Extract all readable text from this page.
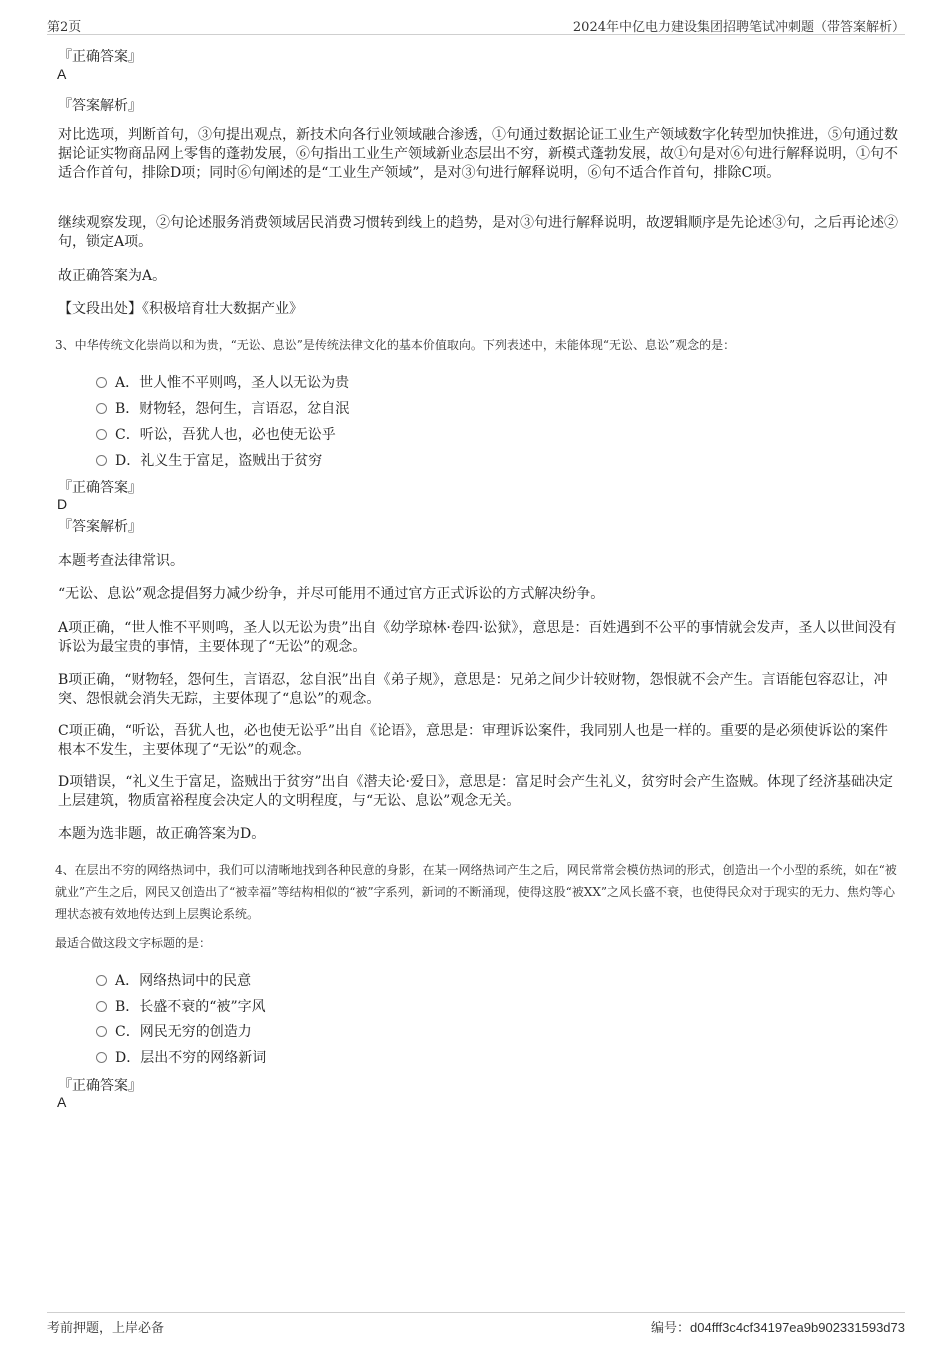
第2页	2024年中亿电力建设集团招聘笔试冲刺题（带答案解析）
『正确答案』
A
『答案解析』
对比选项，判断首句，③句提出观点，新技术向各行业领域融合渗透，①句通过数据论证工业生产领域数字化转型加快推进，⑤句通过数据论证实物商品网上零售的蓬勃发展，⑥句指出工业生产领域新业态层出不穷，新模式蓬勃发展，故①句是对⑥句进行解释说明，①句不适合作首句，排除D项；同时⑥句阐述的是“工业生产领域”，是对③句进行解释说明，⑥句不适合作首句，排除C项。
继续观察发现，②句论述服务消费领域居民消费习惯转到线上的趋势，是对③句进行解释说明，故逻辑顺序是先论述③句，之后再论述②句，锁定A项。
故正确答案为A。
【文段出处】《积极培育壮大数据产业》
3、中华传统文化崇尚以和为贵，“无讼、息讼”是传统法律文化的基本价值取向。下列表述中，未能体现“无讼、息讼”观念的是：
A．世人惟不平则鸣，圣人以无讼为贵
B．财物轻，怨何生，言语忍，忿自泯
C．听讼，吾犹人也，必也使无讼乎
D．礼义生于富足，盗贼出于贫穷
『正确答案』
D
『答案解析』
本题考查法律常识。
“无讼、息讼”观念提倡努力减少纷争，并尽可能用不通过官方正式诉讼的方式解决纷争。
A项正确，“世人惟不平则鸣，圣人以无讼为贵”出自《幼学琼林·卷四·讼狱》，意思是：百姓遇到不公平的事情就会发声，圣人以世间没有诉讼为最宝贵的事情，主要体现了“无讼”的观念。
B项正确，“财物轻，怨何生，言语忍，忿自泯”出自《弟子规》，意思是：兄弟之间少计较财物，怨恨就不会产生。言语能包容忍让，冲突、怨恨就会消失无踪，主要体现了“息讼”的观念。
C项正确，“听讼，吾犹人也，必也使无讼乎”出自《论语》，意思是：审理诉讼案件，我同别人也是一样的。重要的是必须使诉讼的案件根本不发生，主要体现了“无讼”的观念。
D项错误，“礼义生于富足，盗贼出于贫穷”出自《潜夫论·爱日》，意思是：富足时会产生礼义，贫穷时会产生盗贼。体现了经济基础决定上层建筑，物质富裕程度会决定人的文明程度，与“无讼、息讼”观念无关。
本题为选非题，故正确答案为D。
4、在层出不穷的网络热词中，我们可以清晰地找到各种民意的身影，在某一网络热词产生之后，网民常常会模仿热词的形式，创造出一个小型的系统，如在“被就业”产生之后，网民又创造出了“被幸福”等结构相似的“被”字系列，新词的不断涌现，使得这股“被XX”之风长盛不衰，也使得民众对于现实的无力、焦灼等心理状态被有效地传达到上层舆论系统。
最适合做这段文字标题的是：
A．网络热词中的民意
B．长盛不衰的“被”字风
C．网民无穷的创造力
D．层出不穷的网络新词
『正确答案』
A
考前押题，上岸必备	编号：d04fff3c4cf34197ea9b902331593d73
